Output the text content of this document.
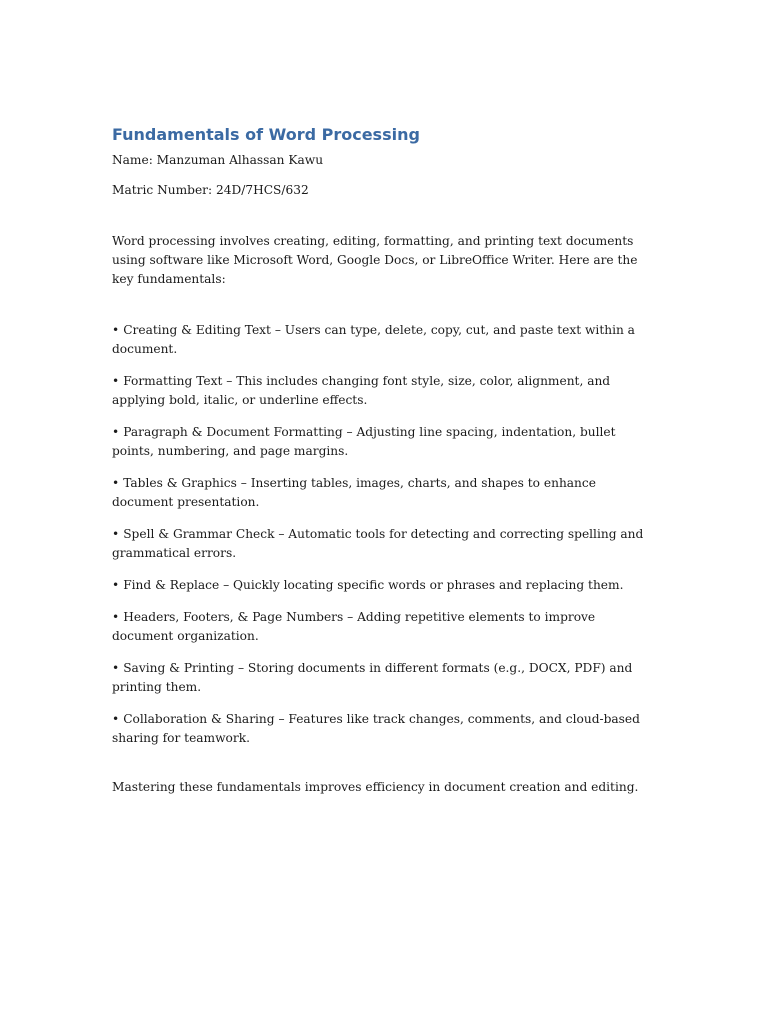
Fundamentals of Word Processing

Name: Manzuman Alhassan Kawu

Matric Number: 24D/7HCS/632

Word processing involves creating, editing, formatting, and printing text documents using software like Microsoft Word, Google Docs, or LibreOffice Writer. Here are the key fundamentals:

• Creating & Editing Text – Users can type, delete, copy, cut, and paste text within a document.

• Formatting Text – This includes changing font style, size, color, alignment, and applying bold, italic, or underline effects.

• Paragraph & Document Formatting – Adjusting line spacing, indentation, bullet points, numbering, and page margins.

• Tables & Graphics – Inserting tables, images, charts, and shapes to enhance document presentation.

• Spell & Grammar Check – Automatic tools for detecting and correcting spelling and grammatical errors.

• Find & Replace – Quickly locating specific words or phrases and replacing them.

• Headers, Footers, & Page Numbers – Adding repetitive elements to improve document organization.

• Saving & Printing – Storing documents in different formats (e.g., DOCX, PDF) and printing them.

• Collaboration & Sharing – Features like track changes, comments, and cloud-based sharing for teamwork.

Mastering these fundamentals improves efficiency in document creation and editing.
